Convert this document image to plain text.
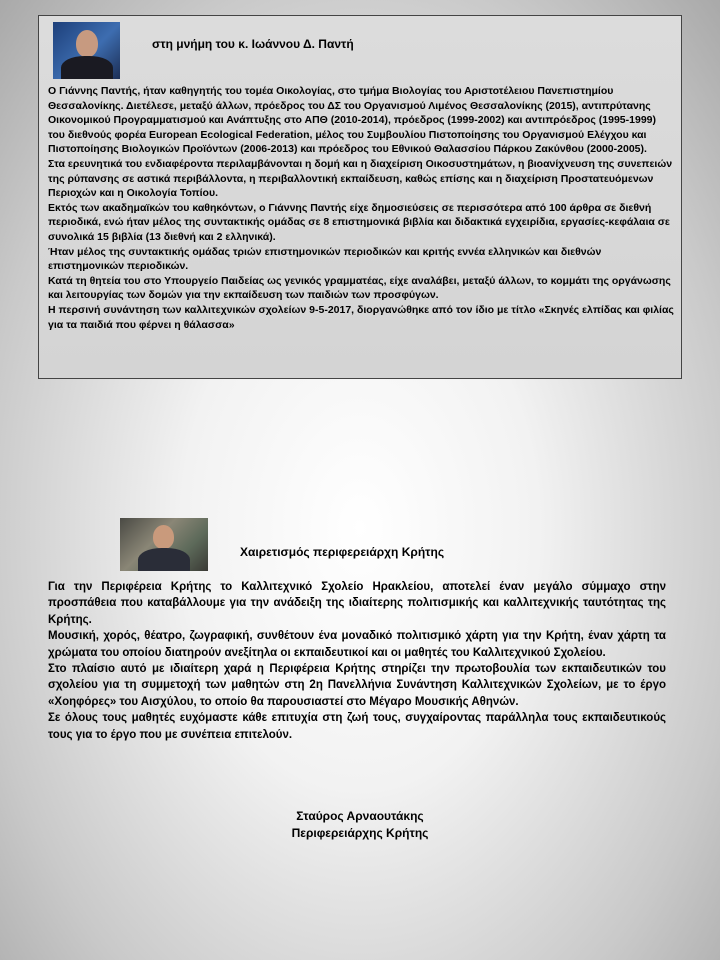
στη μνήμη του κ. Ιωάννου Δ. Παντή

Ο Γιάννης Παντής, ήταν καθηγητής του τομέα Οικολογίας, στο τμήμα Βιολογίας του Αριστοτέλειου Πανεπιστημίου Θεσσαλονίκης. Διετέλεσε, μεταξύ άλλων, πρόεδρος του ΔΣ του Οργανισμού Λιμένος Θεσσαλονίκης (2015), αντιπρύτανης Οικονομικού Προγραμματισμού και Ανάπτυξης στο ΑΠΘ (2010-2014), πρόεδρος (1999-2002) και αντιπρόεδρος (1995-1999) του διεθνούς φορέα European Ecological Federation, μέλος του Συμβουλίου Πιστοποίησης του Οργανισμού Ελέγχου και Πιστοποίησης Βιολογικών Προϊόντων (2006-2013) και πρόεδρος του Εθνικού Θαλασσίου Πάρκου Ζακύνθου (2000-2005).

Στα ερευνητικά του ενδιαφέροντα περιλαμβάνονται η δομή και η διαχείριση Οικοσυστημάτων, η βιοανίχνευση της συνεπειών της ρύπανσης σε αστικά περιβάλλοντα, η περιβαλλοντική εκπαίδευση, καθώς επίσης και η διαχείριση Προστατευόμενων Περιοχών και η Οικολογία Τοπίου.

Εκτός των ακαδημαϊκών του καθηκόντων, ο Γιάννης Παντής είχε δημοσιεύσεις σε περισσότερα από 100 άρθρα σε διεθνή περιοδικά, ενώ ήταν μέλος της συντακτικής ομάδας σε 8 επιστημονικά βιβλία και διδακτικά εγχειρίδια, εργασίες-κεφάλαια σε συνολικά 15 βιβλία (13 διεθνή και 2 ελληνικά).

Ήταν μέλος της συντακτικής ομάδας τριών επιστημονικών περιοδικών και κριτής εννέα ελληνικών και διεθνών επιστημονικών περιοδικών.

Κατά τη θητεία του στο Υπουργείο Παιδείας ως γενικός γραμματέας, είχε αναλάβει, μεταξύ άλλων, το κομμάτι της οργάνωσης και λειτουργίας των δομών για την εκπαίδευση των παιδιών των προσφύγων.

Η περσινή συνάντηση των καλλιτεχνικών σχολείων 9-5-2017, διοργανώθηκε από τον ίδιο με τίτλο «Σκηνές ελπίδας και φιλίας για τα παιδιά που φέρνει η θάλασσα»

Χαιρετισμός περιφερειάρχη Κρήτης

Για την Περιφέρεια Κρήτης το Καλλιτεχνικό Σχολείο Ηρακλείου, αποτελεί έναν μεγάλο σύμμαχο στην προσπάθεια που καταβάλλουμε για την ανάδειξη της ιδιαίτερης πολιτισμικής και καλλιτεχνικής ταυτότητας της Κρήτης.

Μουσική, χορός, θέατρο, ζωγραφική, συνθέτουν ένα μοναδικό πολιτισμικό χάρτη για την Κρήτη, έναν χάρτη τα χρώματα του οποίου διατηρούν ανεξίτηλα οι εκπαιδευτικοί και οι μαθητές του Καλλιτεχνικού Σχολείου.

Στο πλαίσιο αυτό με ιδιαίτερη χαρά η Περιφέρεια Κρήτης στηρίζει την πρωτοβουλία των εκπαιδευτικών του σχολείου για τη συμμετοχή των μαθητών στη 2η Πανελλήνια Συνάντηση Καλλιτεχνικών Σχολείων, με το έργο «Χοηφόρες» του Αισχύλου, το οποίο θα παρουσιαστεί στο Μέγαρο Μουσικής Αθηνών.

Σε όλους τους μαθητές ευχόμαστε κάθε επιτυχία στη ζωή τους, συγχαίροντας παράλληλα τους εκπαιδευτικούς τους για το έργο που με συνέπεια επιτελούν.

Σταύρος Αρναουτάκης
Περιφερειάρχης Κρήτης
